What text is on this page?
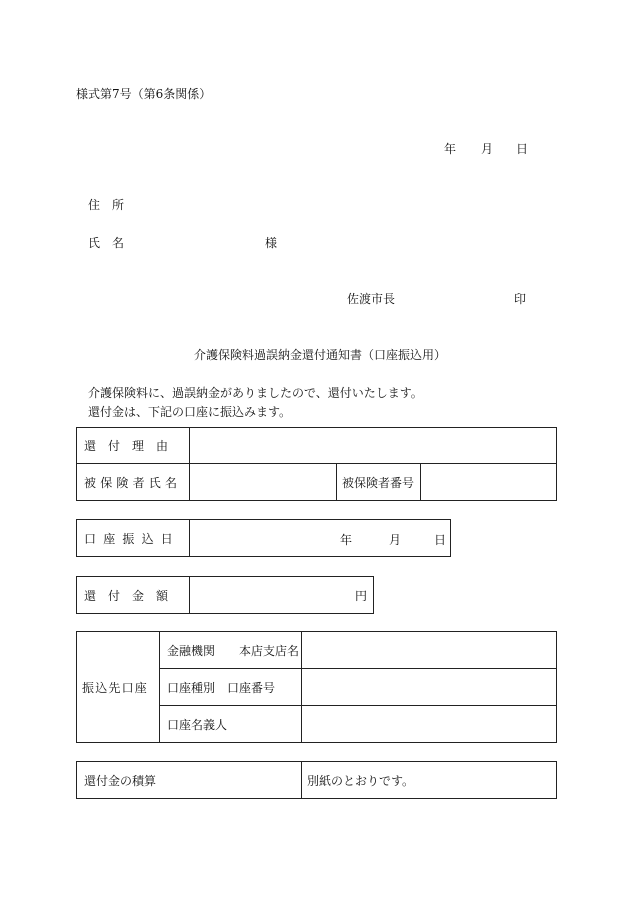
様式第7号（第6条関係）
年 月 日
住　所
氏　名	様
佐渡市長	印
介護保険料過誤納金還付通知書（口座振込用）
介護保険料に、過誤納金がありましたので、還付いたします。
還付金は、下記の口座に振込みます。
還　付　理　由			
被保険者氏名		被保険者番号	
口座振込日	年	月	日
還　付　金　額	円
振込先口座	金融機関　　本店支店名	
	口座種別　口座番号	
	口座名義人	
還付金の積算	別紙のとおりです。
